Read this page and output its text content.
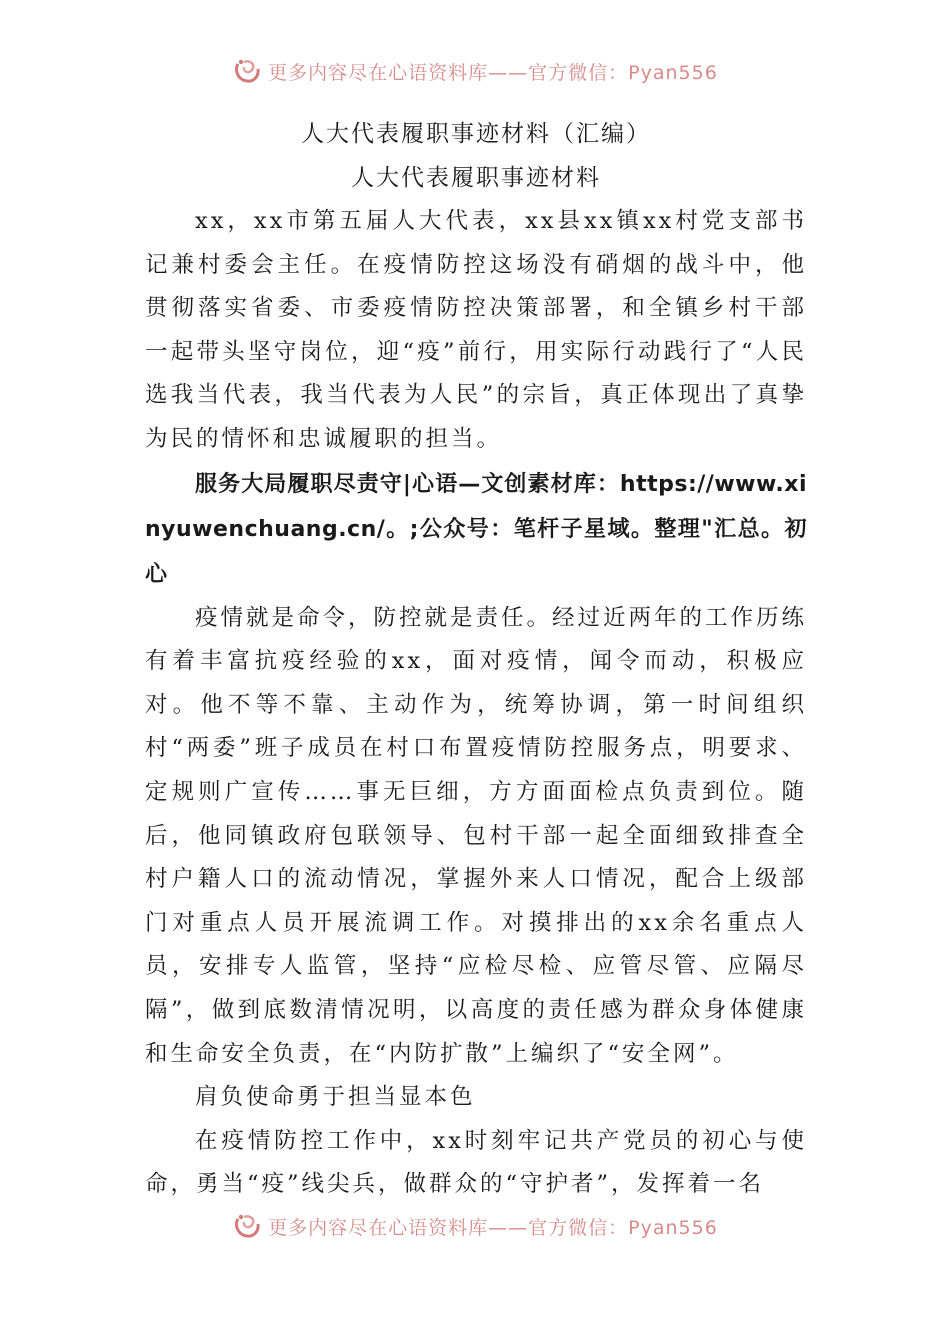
更多内容尽在心语资料库——官方微信：Pyan556
人大代表履职事迹材料（汇编）
人大代表履职事迹材料

xx，xx市第五届人大代表，xx县xx镇xx村党支部书记兼村委会主任。在疫情防控这场没有硝烟的战斗中，他贯彻落实省委、市委疫情防控决策部署，和全镇乡村干部一起带头坚守岗位，迎“疫”前行，用实际行动践行了“人民选我当代表，我当代表为人民”的宗旨，真正体现出了真挚为民的情怀和忠诚履职的担当。

服务大局履职尽责守|心语—文创素材库：https://www.xinyuwenchuang.cn/。;公众号：笔杆子星域。整理"汇总。初心

疫情就是命令，防控就是责任。经过近两年的工作历练有着丰富抗疫经验的xx，面对疫情，闻令而动，积极应对。他不等不靠、主动作为，统筹协调，第一时间组织村“两委”班子成员在村口布置疫情防控服务点，明要求、定规则广宣传……事无巨细，方方面面检点负责到位。随后，他同镇政府包联领导、包村干部一起全面细致排查全村户籍人口的流动情况，掌握外来人口情况，配合上级部门对重点人员开展流调工作。对摸排出的xx余名重点人员，安排专人监管，坚持“应检尽检、应管尽管、应隔尽隔”，做到底数清情况明，以高度的责任感为群众身体健康和生命安全负责，在“内防扩散”上编织了“安全网”。

肩负使命勇于担当显本色

在疫情防控工作中，xx时刻牢记共产党员的初心与使命，勇当“疫”线尖兵，做群众的“守护者”，发挥着一名

更多内容尽在心语资料库——官方微信：Pyan556
